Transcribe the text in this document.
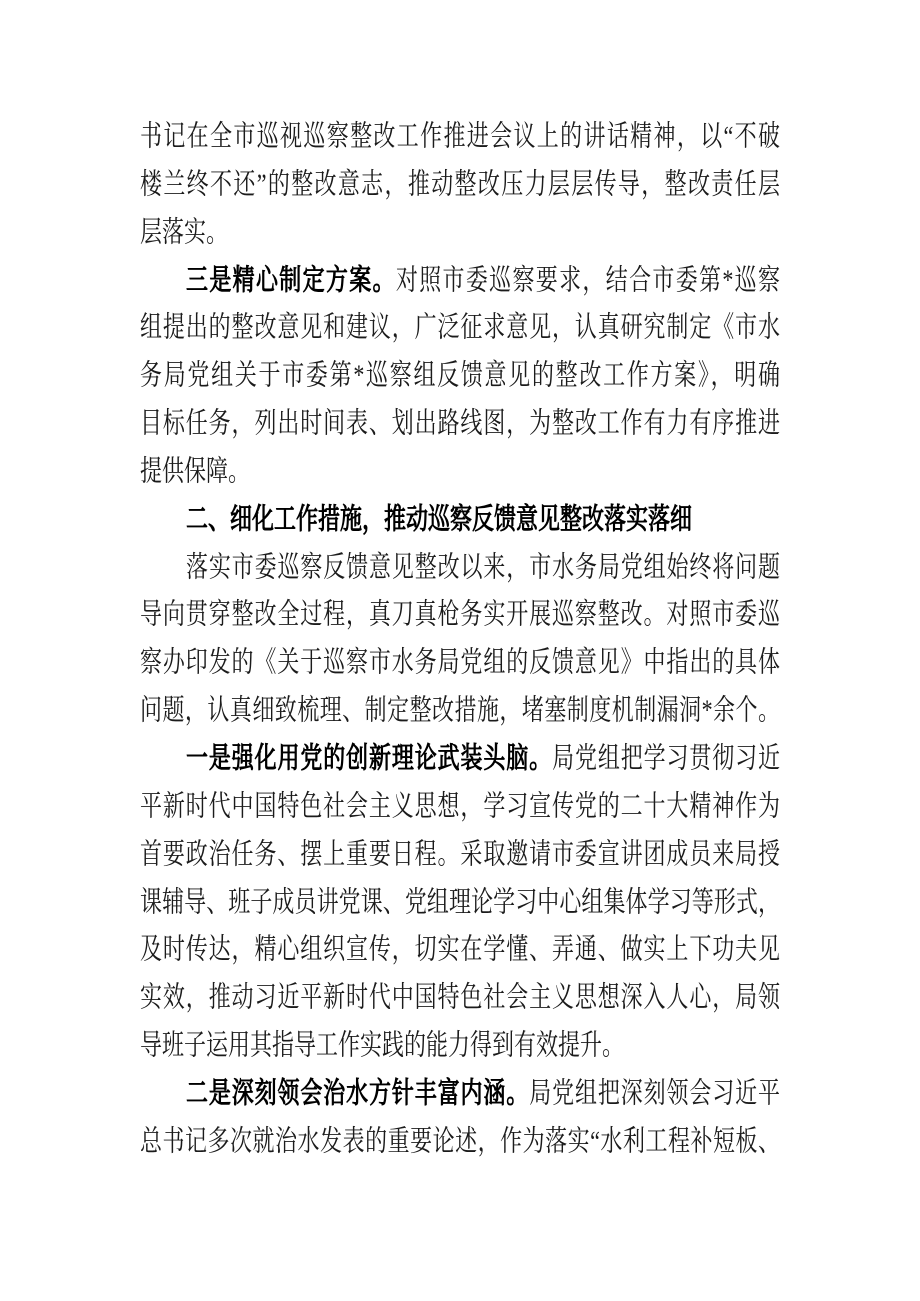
书记在全市巡视巡察整改工作推进会议上的讲话精神，以“不破
楼兰终不还”的整改意志，推动整改压力层层传导，整改责任层
层落实。
三是精心制定方案。对照市委巡察要求，结合市委第*巡察
组提出的整改意见和建议，广泛征求意见，认真研究制定《市水
务局党组关于市委第*巡察组反馈意见的整改工作方案》，明确
目标任务，列出时间表、划出路线图，为整改工作有力有序推进
提供保障。
二、细化工作措施，推动巡察反馈意见整改落实落细
落实市委巡察反馈意见整改以来，市水务局党组始终将问题
导向贯穿整改全过程，真刀真枪务实开展巡察整改。对照市委巡
察办印发的《关于巡察市水务局党组的反馈意见》中指出的具体
问题，认真细致梳理、制定整改措施，堵塞制度机制漏洞*余个。
一是强化用党的创新理论武装头脑。局党组把学习贯彻习近
平新时代中国特色社会主义思想，学习宣传党的二十大精神作为
首要政治任务、摆上重要日程。采取邀请市委宣讲团成员来局授
课辅导、班子成员讲党课、党组理论学习中心组集体学习等形式，
及时传达，精心组织宣传，切实在学懂、弄通、做实上下功夫见
实效，推动习近平新时代中国特色社会主义思想深入人心，局领
导班子运用其指导工作实践的能力得到有效提升。
二是深刻领会治水方针丰富内涵。局党组把深刻领会习近平
总书记多次就治水发表的重要论述，作为落实“水利工程补短板、
